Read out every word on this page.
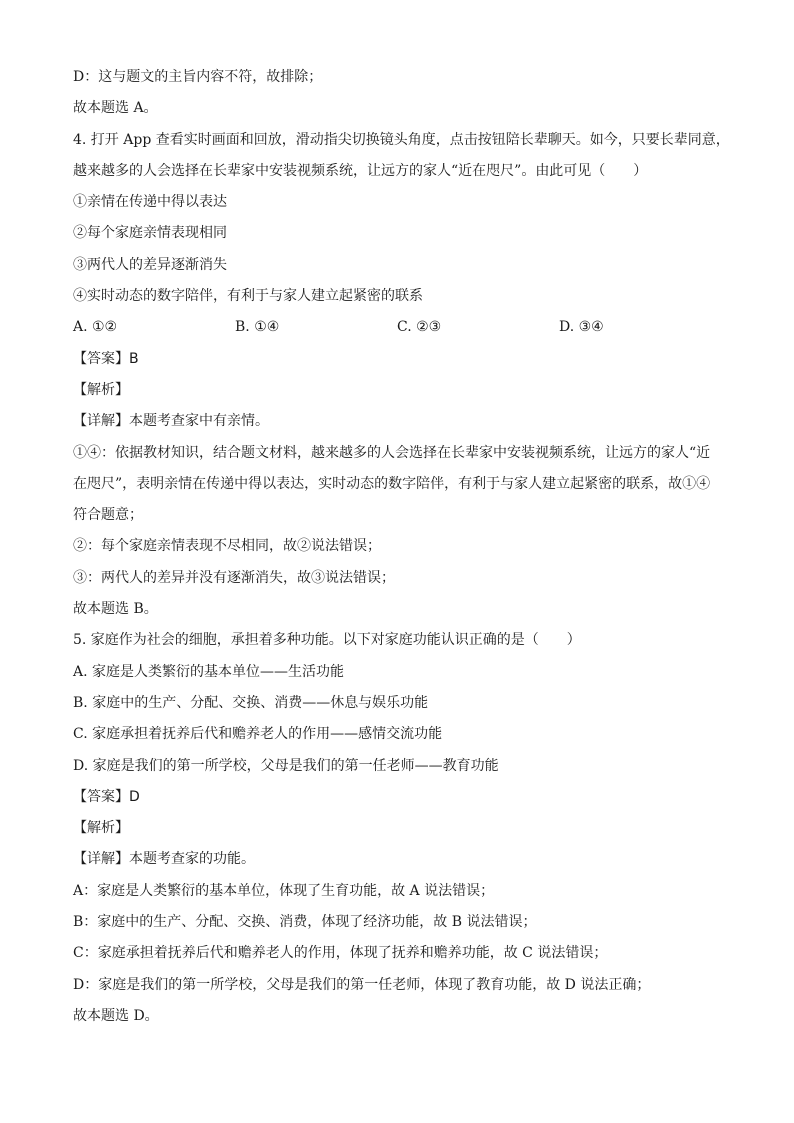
D：这与题文的主旨内容不符，故排除；

故本题选 A。

4. 打开 App 查看实时画面和回放，滑动指尖切换镜头角度，点击按钮陪长辈聊天。如今，只要长辈同意，

越来越多的人会选择在长辈家中安装视频系统，让远方的家人“近在咫尺”。由此可见（　　）

①亲情在传递中得以表达

②每个家庭亲情表现相同

③两代人的差异逐渐消失

④实时动态的数字陪伴，有利于与家人建立起紧密的联系

A. ①②	B. ①④	C. ②③	D. ③④

【答案】B

【解析】

【详解】本题考查家中有亲情。

①④：依据教材知识，结合题文材料，越来越多的人会选择在长辈家中安装视频系统，让远方的家人“近

在咫尺”，表明亲情在传递中得以表达，实时动态的数字陪伴，有利于与家人建立起紧密的联系，故①④

符合题意；

②：每个家庭亲情表现不尽相同，故②说法错误；

③：两代人的差异并没有逐渐消失，故③说法错误；

故本题选 B。

5. 家庭作为社会的细胞，承担着多种功能。以下对家庭功能认识正确的是（　　）

A. 家庭是人类繁衍的基本单位——生活功能

B. 家庭中的生产、分配、交换、消费——休息与娱乐功能

C. 家庭承担着抚养后代和赡养老人的作用——感情交流功能

D. 家庭是我们的第一所学校，父母是我们的第一任老师——教育功能

【答案】D

【解析】

【详解】本题考查家的功能。

A：家庭是人类繁衍的基本单位，体现了生育功能，故 A 说法错误；

B：家庭中的生产、分配、交换、消费，体现了经济功能，故 B 说法错误；

C：家庭承担着抚养后代和赡养老人的作用，体现了抚养和赡养功能，故 C 说法错误；

D：家庭是我们的第一所学校，父母是我们的第一任老师，体现了教育功能，故 D 说法正确；

故本题选 D。
